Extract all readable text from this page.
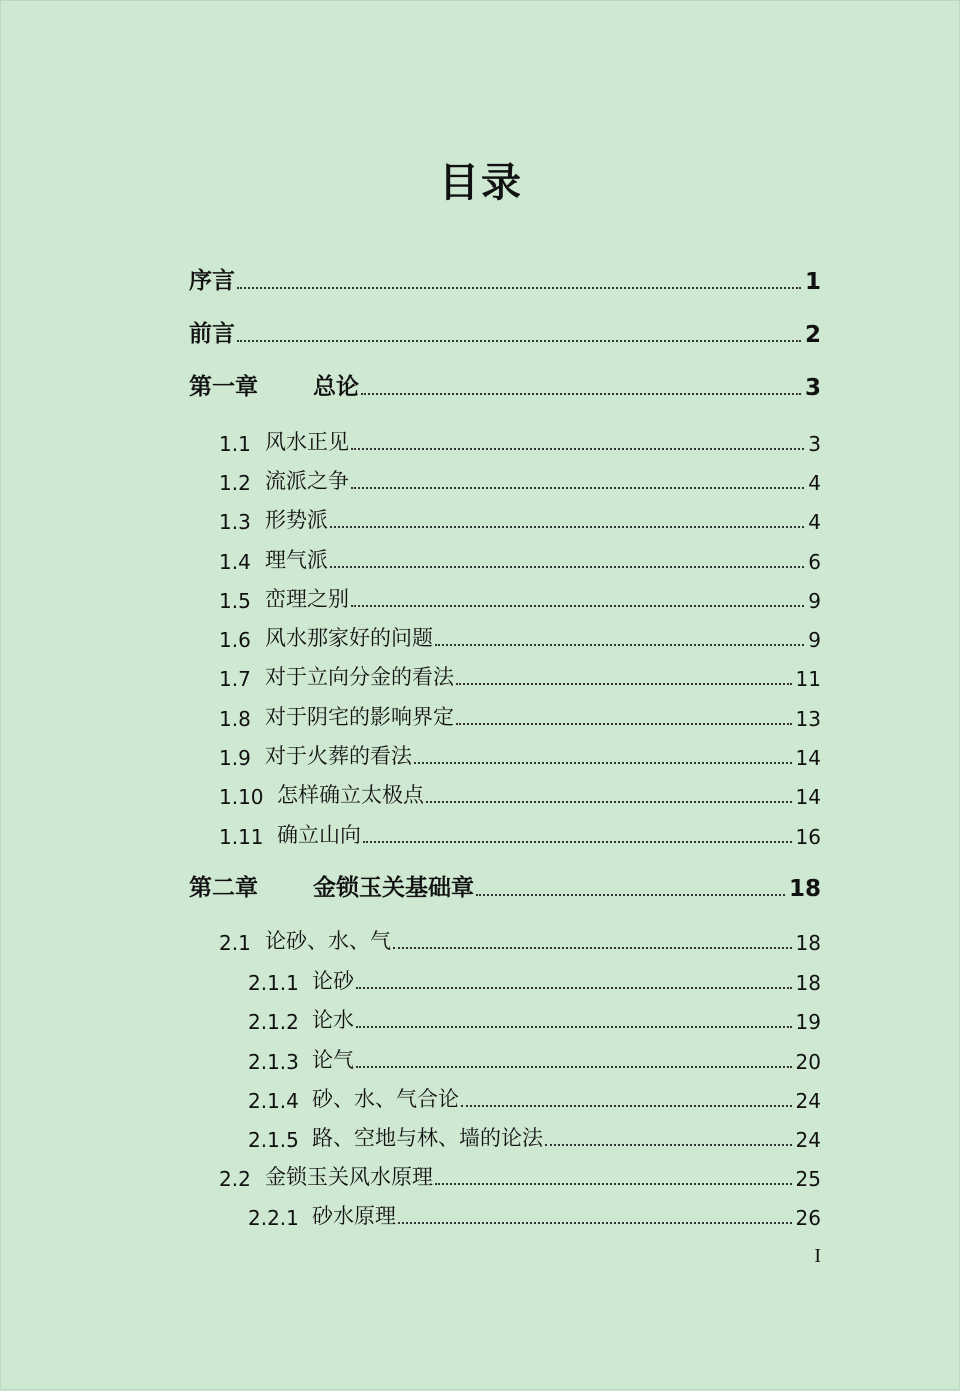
目录
序言	1
前言	2
第一章	总论	3
1.1 风水正见	3
1.2 流派之争	4
1.3 形势派	4
1.4 理气派	6
1.5 峦理之别	9
1.6 风水那家好的问题	9
1.7 对于立向分金的看法	11
1.8 对于阴宅的影响界定	13
1.9 对于火葬的看法	14
1.10 怎样确立太极点	14
1.11 确立山向	16
第二章	金锁玉关基础章	18
2.1 论砂、水、气	18
2.1.1 论砂	18
2.1.2 论水	19
2.1.3 论气	20
2.1.4 砂、水、气合论	24
2.1.5 路、空地与林、墙的论法	24
2.2 金锁玉关风水原理	25
2.2.1 砂水原理	26
I
